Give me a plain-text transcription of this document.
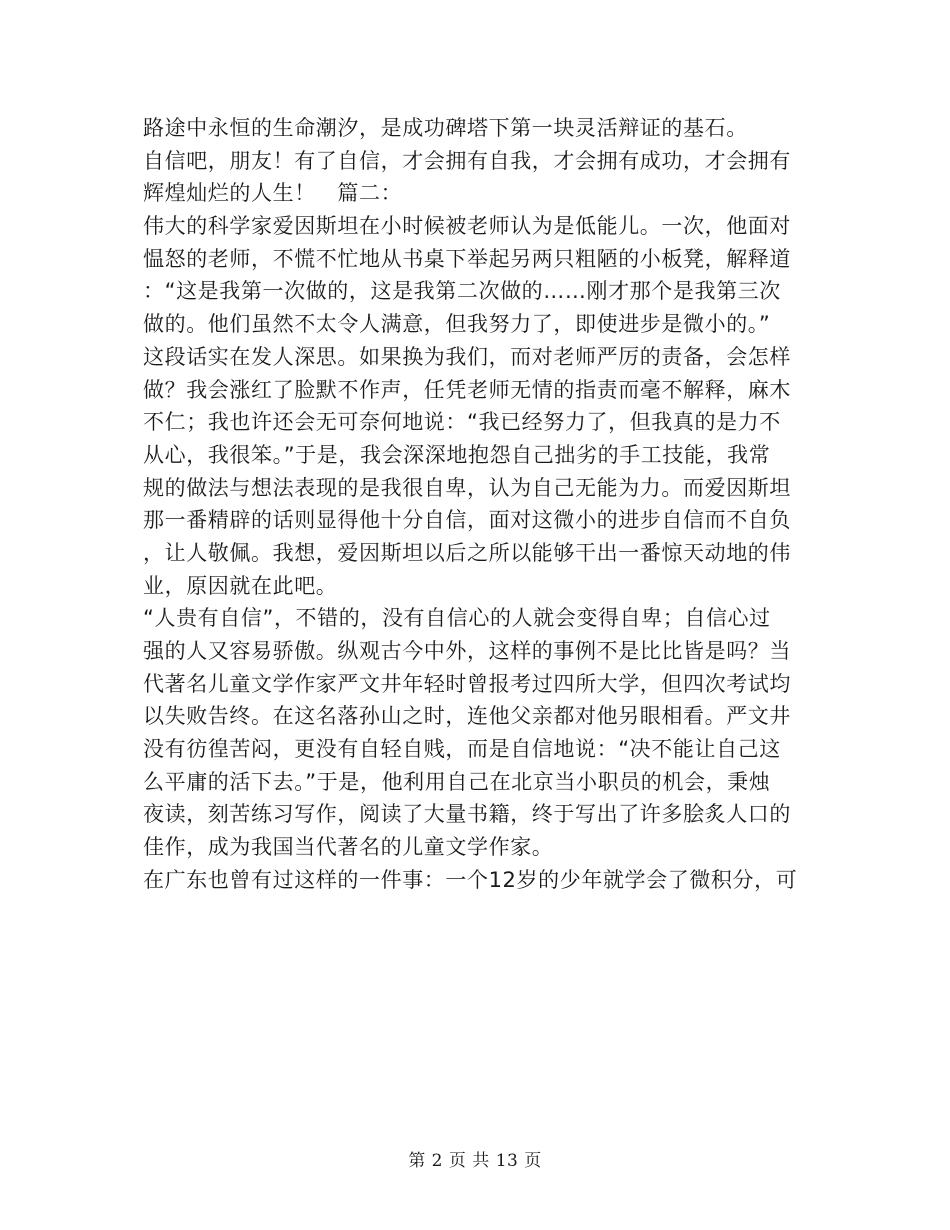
路途中永恒的生命潮汐，是成功碑塔下第一块灵活辩证的基石。
自信吧，朋友！有了自信，才会拥有自我，才会拥有成功，才会拥有
辉煌灿烂的人生！　篇二：
伟大的科学家爱因斯坦在小时候被老师认为是低能儿。一次，他面对
愠怒的老师，不慌不忙地从书桌下举起另两只粗陋的小板凳，解释道
：“这是我第一次做的，这是我第二次做的……刚才那个是我第三次
做的。他们虽然不太令人满意，但我努力了，即使进步是微小的。”
这段话实在发人深思。如果换为我们，而对老师严厉的责备，会怎样
做？我会涨红了脸默不作声，任凭老师无情的指责而毫不解释，麻木
不仁；我也许还会无可奈何地说：“我已经努力了，但我真的是力不
从心，我很笨。”于是，我会深深地抱怨自己拙劣的手工技能，我常
规的做法与想法表现的是我很自卑，认为自己无能为力。而爱因斯坦
那一番精辟的话则显得他十分自信，面对这微小的进步自信而不自负
，让人敬佩。我想，爱因斯坦以后之所以能够干出一番惊天动地的伟
业，原因就在此吧。
“人贵有自信”，不错的，没有自信心的人就会变得自卑；自信心过
强的人又容易骄傲。纵观古今中外，这样的事例不是比比皆是吗？当
代著名儿童文学作家严文井年轻时曾报考过四所大学，但四次考试均
以失败告终。在这名落孙山之时，连他父亲都对他另眼相看。严文井
没有彷徨苦闷，更没有自轻自贱，而是自信地说：“决不能让自己这
么平庸的活下去。”于是，他利用自己在北京当小职员的机会，秉烛
夜读，刻苦练习写作，阅读了大量书籍，终于写出了许多脍炙人口的
佳作，成为我国当代著名的儿童文学作家。
在广东也曾有过这样的一件事：一个12岁的少年就学会了微积分，可
第 2 页 共 13 页
